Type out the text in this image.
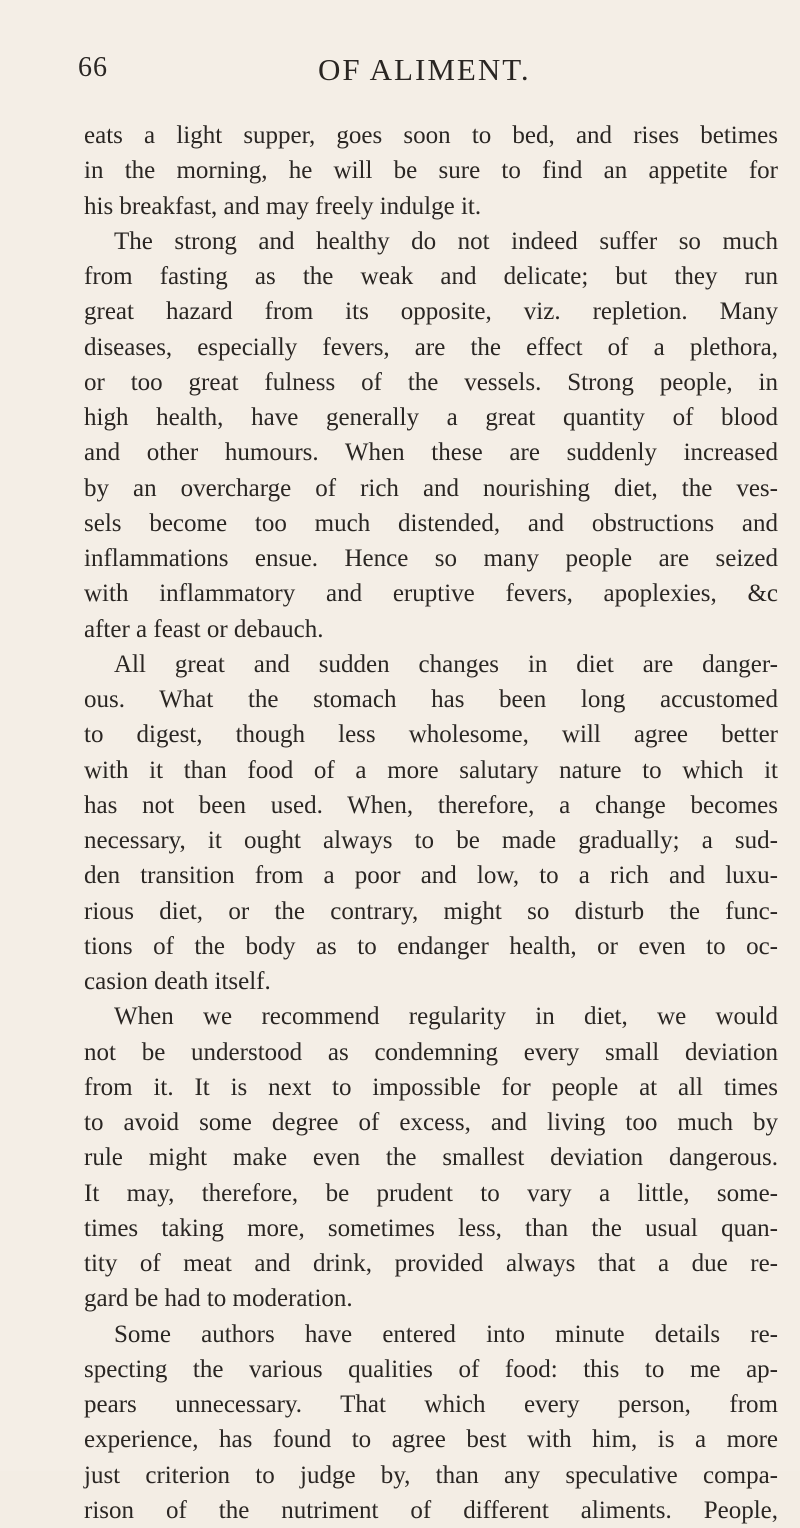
66	OF ALIMENT.
eats a light supper, goes soon to bed, and rises betimes
in the morning, he will be sure to find an appetite for
his breakfast, and may freely indulge it.
The strong and healthy do not indeed suffer so much
from fasting as the weak and delicate; but they run
great hazard from its opposite, viz. repletion. Many
diseases, especially fevers, are the effect of a plethora,
or too great fulness of the vessels. Strong people, in
high health, have generally a great quantity of blood
and other humours. When these are suddenly increased
by an overcharge of rich and nourishing diet, the ves-
sels become too much distended, and obstructions and
inflammations ensue. Hence so many people are seized
with inflammatory and eruptive fevers, apoplexies, &c
after a feast or debauch.
All great and sudden changes in diet are danger-
ous. What the stomach has been long accustomed
to digest, though less wholesome, will agree better
with it than food of a more salutary nature to which it
has not been used. When, therefore, a change becomes
necessary, it ought always to be made gradually; a sud-
den transition from a poor and low, to a rich and luxu-
rious diet, or the contrary, might so disturb the func-
tions of the body as to endanger health, or even to oc-
casion death itself.
When we recommend regularity in diet, we would
not be understood as condemning every small deviation
from it. It is next to impossible for people at all times
to avoid some degree of excess, and living too much by
rule might make even the smallest deviation dangerous.
It may, therefore, be prudent to vary a little, some-
times taking more, sometimes less, than the usual quan-
tity of meat and drink, provided always that a due re-
gard be had to moderation.
Some authors have entered into minute details re-
specting the various qualities of food: this to me ap-
pears unnecessary. That which every person, from
experience, has found to agree best with him, is a more
just criterion to judge by, than any speculative compa-
rison of the nutriment of different aliments. People,
